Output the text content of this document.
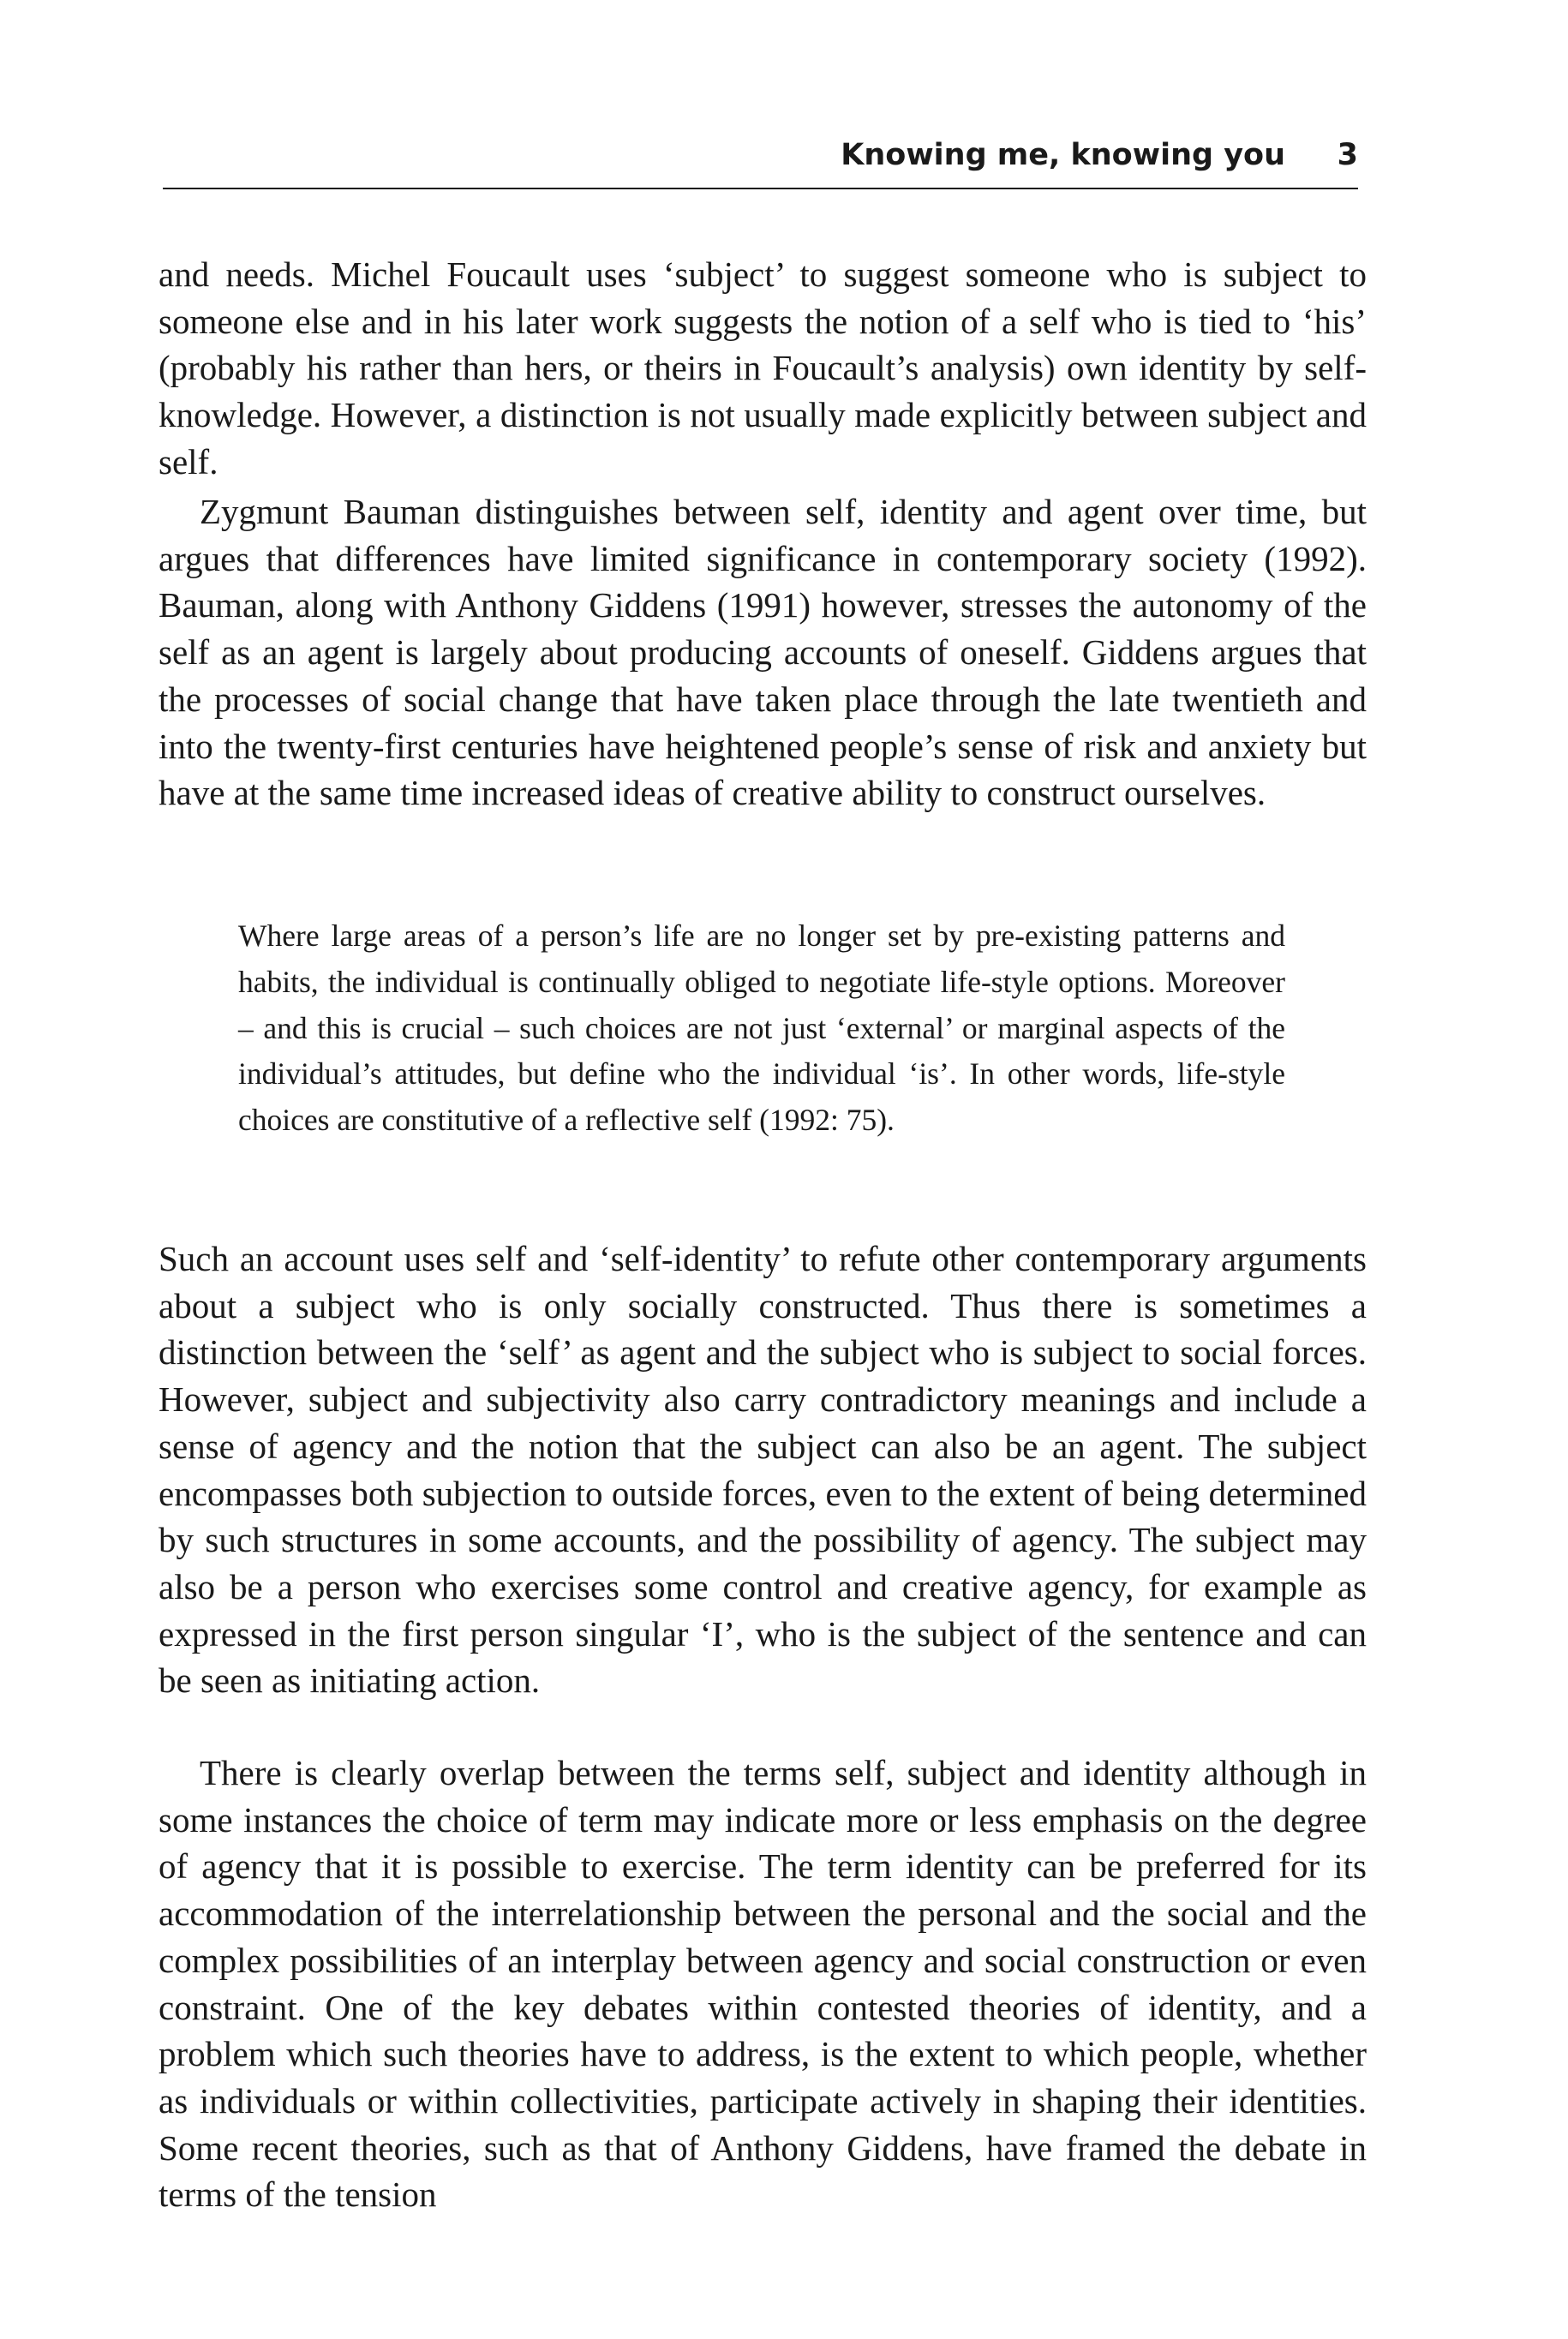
Knowing me, knowing you 3

and needs. Michel Foucault uses ‘subject’ to suggest someone who is subject to someone else and in his later work suggests the notion of a self who is tied to ‘his’ (probably his rather than hers, or theirs in Foucault’s analysis) own identity by self-knowledge. However, a distinction is not usually made explicitly between subject and self.

Zygmunt Bauman distinguishes between self, identity and agent over time, but argues that differences have limited significance in contemporary society (1992). Bauman, along with Anthony Giddens (1991) however, stresses the autonomy of the self as an agent is largely about producing accounts of oneself. Giddens argues that the processes of social change that have taken place through the late twentieth and into the twenty-first centuries have heightened people’s sense of risk and anxiety but have at the same time increased ideas of creative ability to construct ourselves.

Where large areas of a person’s life are no longer set by pre-existing patterns and habits, the individual is continually obliged to negotiate life-style options. Moreover – and this is crucial – such choices are not just ‘external’ or marginal aspects of the individual’s attitudes, but define who the individual ‘is’. In other words, life-style choices are constitutive of a reflective self (1992: 75).

Such an account uses self and ‘self-identity’ to refute other contemporary arguments about a subject who is only socially constructed. Thus there is sometimes a distinction between the ‘self’ as agent and the subject who is subject to social forces. However, subject and subjectivity also carry contradictory meanings and include a sense of agency and the notion that the subject can also be an agent. The subject encompasses both subjection to outside forces, even to the extent of being determined by such structures in some accounts, and the possibility of agency. The subject may also be a person who exercises some control and creative agency, for example as expressed in the first person singular ‘I’, who is the subject of the sentence and can be seen as initiating action.

There is clearly overlap between the terms self, subject and identity although in some instances the choice of term may indicate more or less emphasis on the degree of agency that it is possible to exercise. The term identity can be preferred for its accommodation of the interrelationship between the personal and the social and the complex possibilities of an interplay between agency and social construction or even constraint. One of the key debates within contested theories of identity, and a problem which such theories have to address, is the extent to which people, whether as individuals or within collectivities, participate actively in shaping their identities. Some recent theories, such as that of Anthony Giddens, have framed the debate in terms of the tension
